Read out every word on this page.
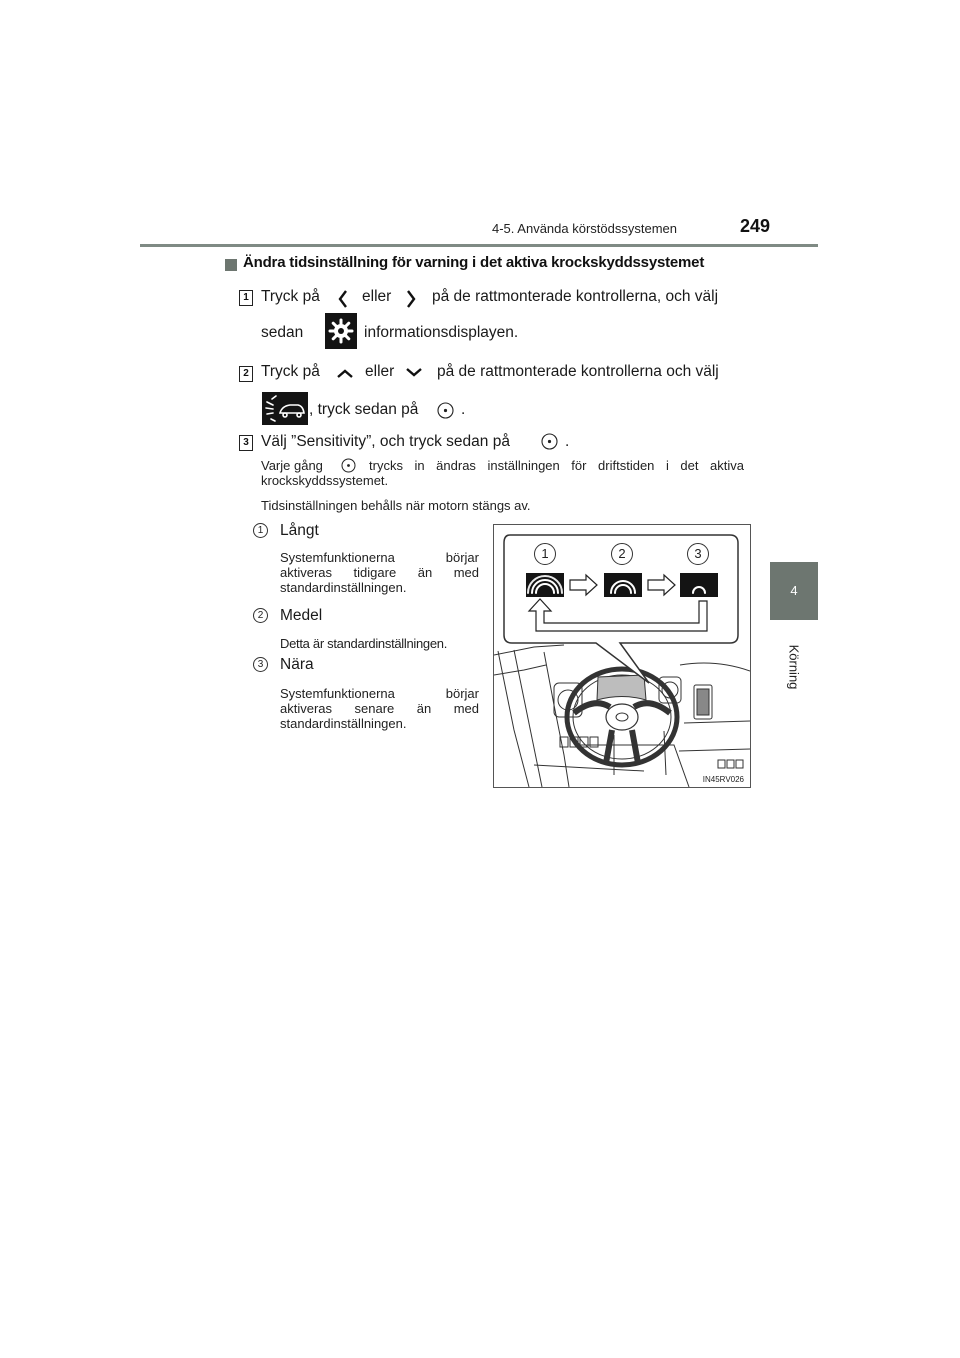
4-5. Använda körstödssystemen	249
4
Körning
Ändra tidsinställning för varning i det aktiva krockskyddssystemet
1 Tryck på	eller	på de rattmonterade kontrollerna, och välj
sedan	informationsdisplayen.
2 Tryck på	eller	på de rattmonterade kontrollerna och välj
, tryck sedan på	.
3 Välj ”Sensitivity”, och tryck sedan på	.
Varje gång	trycks in ändras inställningen för driftstiden i det aktiva krockskyddssystemet.
Tidsinställningen behålls när motorn stängs av.
1	Långt
Systemfunktionerna börjar aktiveras tidigare än med standardinställningen.
2	Medel
Detta är standardinställningen.
3	Nära
Systemfunktionerna börjar aktiveras senare än med standardinställningen.
1	2	3
IN45RV026
